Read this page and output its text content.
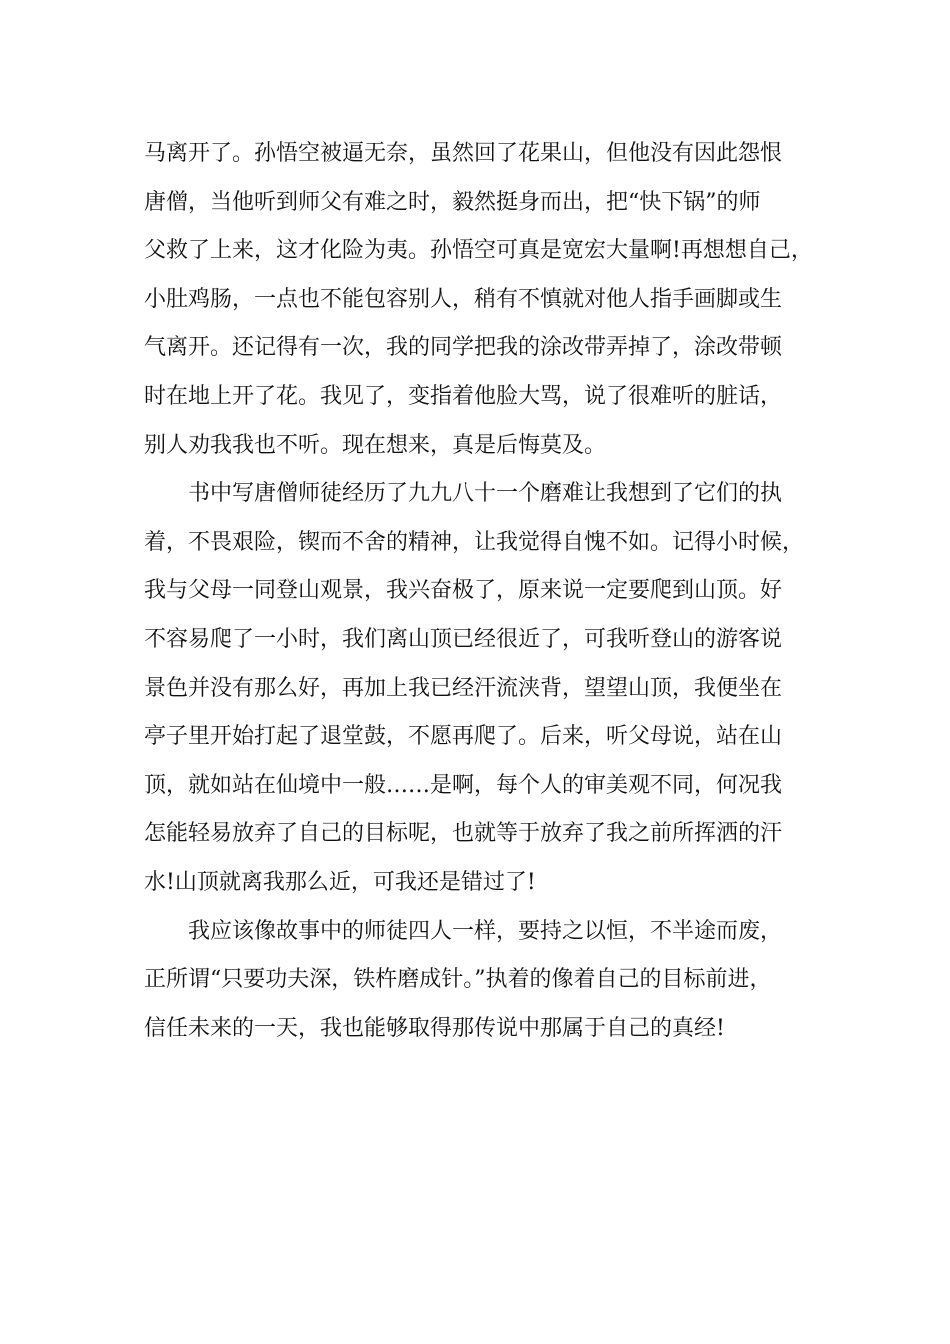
马离开了。孙悟空被逼无奈，虽然回了花果山，但他没有因此怨恨
唐僧，当他听到师父有难之时，毅然挺身而出，把“快下锅”的师
父救了上来，这才化险为夷。孙悟空可真是宽宏大量啊!再想想自己，
小肚鸡肠，一点也不能包容别人，稍有不慎就对他人指手画脚或生
气离开。还记得有一次，我的同学把我的涂改带弄掉了，涂改带顿
时在地上开了花。我见了，变指着他脸大骂，说了很难听的脏话，
别人劝我我也不听。现在想来，真是后悔莫及。
书中写唐僧师徒经历了九九八十一个磨难让我想到了它们的执
着，不畏艰险，锲而不舍的精神，让我觉得自愧不如。记得小时候，
我与父母一同登山观景，我兴奋极了，原来说一定要爬到山顶。好
不容易爬了一小时，我们离山顶已经很近了，可我听登山的游客说
景色并没有那么好，再加上我已经汗流浃背，望望山顶，我便坐在
亭子里开始打起了退堂鼓，不愿再爬了。后来，听父母说，站在山
顶，就如站在仙境中一般……是啊，每个人的审美观不同，何况我
怎能轻易放弃了自己的目标呢，也就等于放弃了我之前所挥洒的汗
水!山顶就离我那么近，可我还是错过了!
我应该像故事中的师徒四人一样，要持之以恒，不半途而废，
正所谓“只要功夫深，铁杵磨成针。”执着的像着自己的目标前进，
信任未来的一天，我也能够取得那传说中那属于自己的真经!
